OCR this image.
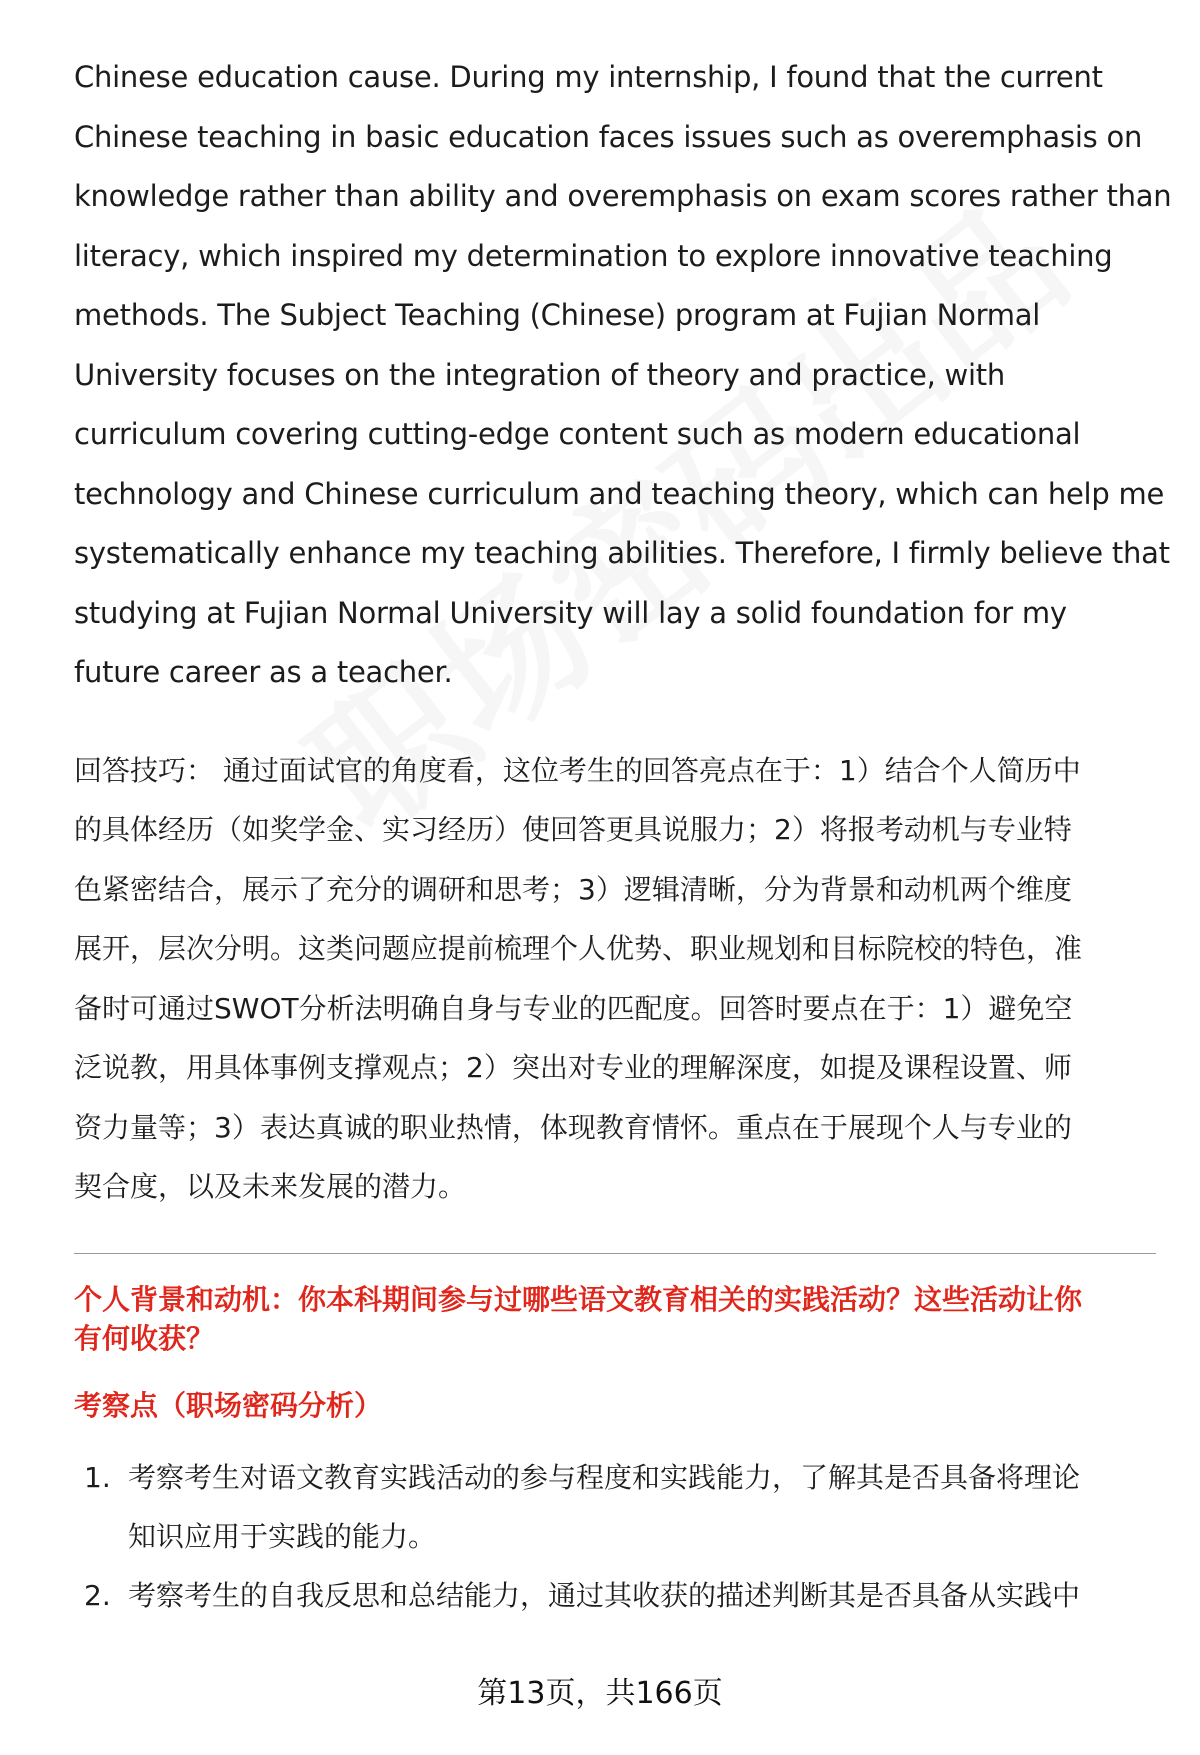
Chinese education cause. During my internship, I found that the current
Chinese teaching in basic education faces issues such as overemphasis on
knowledge rather than ability and overemphasis on exam scores rather than
literacy, which inspired my determination to explore innovative teaching
methods. The Subject Teaching (Chinese) program at Fujian Normal
University focuses on the integration of theory and practice, with
curriculum covering cutting-edge content such as modern educational
technology and Chinese curriculum and teaching theory, which can help me
systematically enhance my teaching abilities. Therefore, I firmly believe that
studying at Fujian Normal University will lay a solid foundation for my
future career as a teacher.

回答技巧： 通过面试官的角度看，这位考生的回答亮点在于：1）结合个人简历中
的具体经历（如奖学金、实习经历）使回答更具说服力；2）将报考动机与专业特
色紧密结合，展示了充分的调研和思考；3）逻辑清晰，分为背景和动机两个维度
展开，层次分明。这类问题应提前梳理个人优势、职业规划和目标院校的特色，准
备时可通过SWOT分析法明确自身与专业的匹配度。回答时要点在于：1）避免空
泛说教，用具体事例支撑观点；2）突出对专业的理解深度，如提及课程设置、师
资力量等；3）表达真诚的职业热情，体现教育情怀。重点在于展现个人与专业的
契合度，以及未来发展的潜力。

个人背景和动机：你本科期间参与过哪些语文教育相关的实践活动？这些活动让你
有何收获？
考察点（职场密码分析）
1. 考察考生对语文教育实践活动的参与程度和实践能力，了解其是否具备将理论
知识应用于实践的能力。
2. 考察考生的自我反思和总结能力，通过其收获的描述判断其是否具备从实践中
第13页，共166页
